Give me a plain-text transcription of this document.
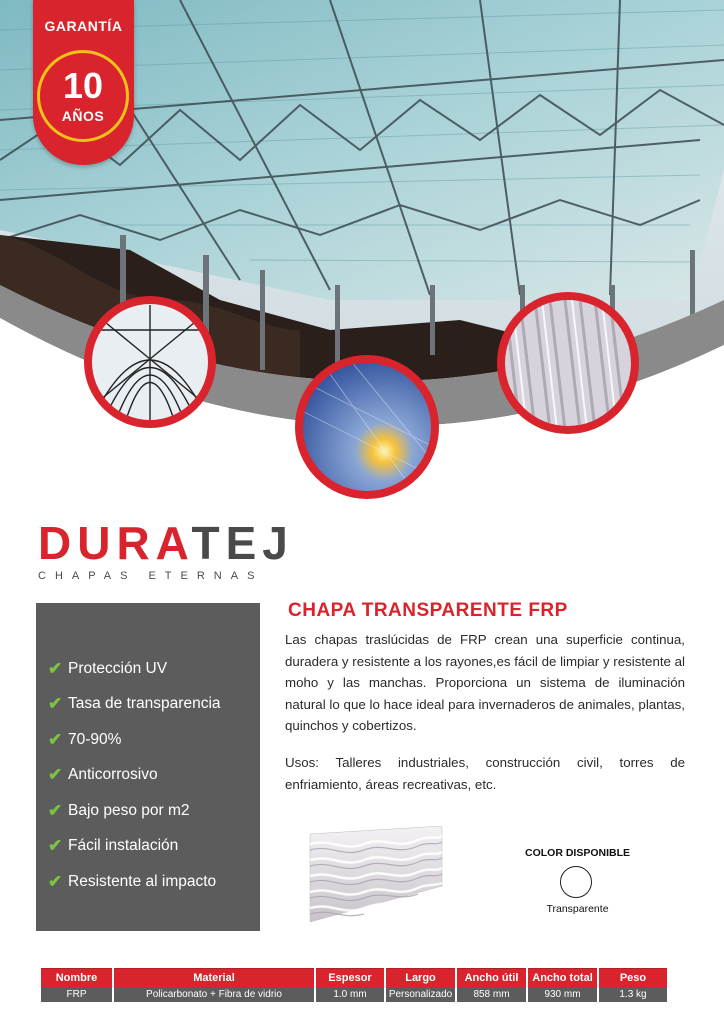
GARANTÍA
10
AÑOS
DURATEJ
CHAPAS ETERNAS
✔ Protección UV
✔ Tasa de transparencia
✔ 70-90%
✔ Anticorrosivo
✔ Bajo peso por m2
✔ Fácil instalación
✔ Resistente al impacto
CHAPA TRANSPARENTE FRP
Las chapas traslúcidas de FRP crean una superficie continua, duradera y resistente a los rayones,es fácil de limpiar y resistente al moho y las manchas. Proporciona un sistema de iluminación natural lo que lo hace ideal para invernaderos de animales, plantas, quinchos y cobertizos.
Usos: Talleres industriales, construcción civil, torres de enfriamiento, áreas recreativas, etc.
COLOR DISPONIBLE
Transparente
Nombre	Material	Espesor	Largo	Ancho útil	Ancho total	Peso
FRP	Policarbonato + Fibra de vidrio	1.0 mm	Personalizado	858 mm	930 mm	1.3 kg
